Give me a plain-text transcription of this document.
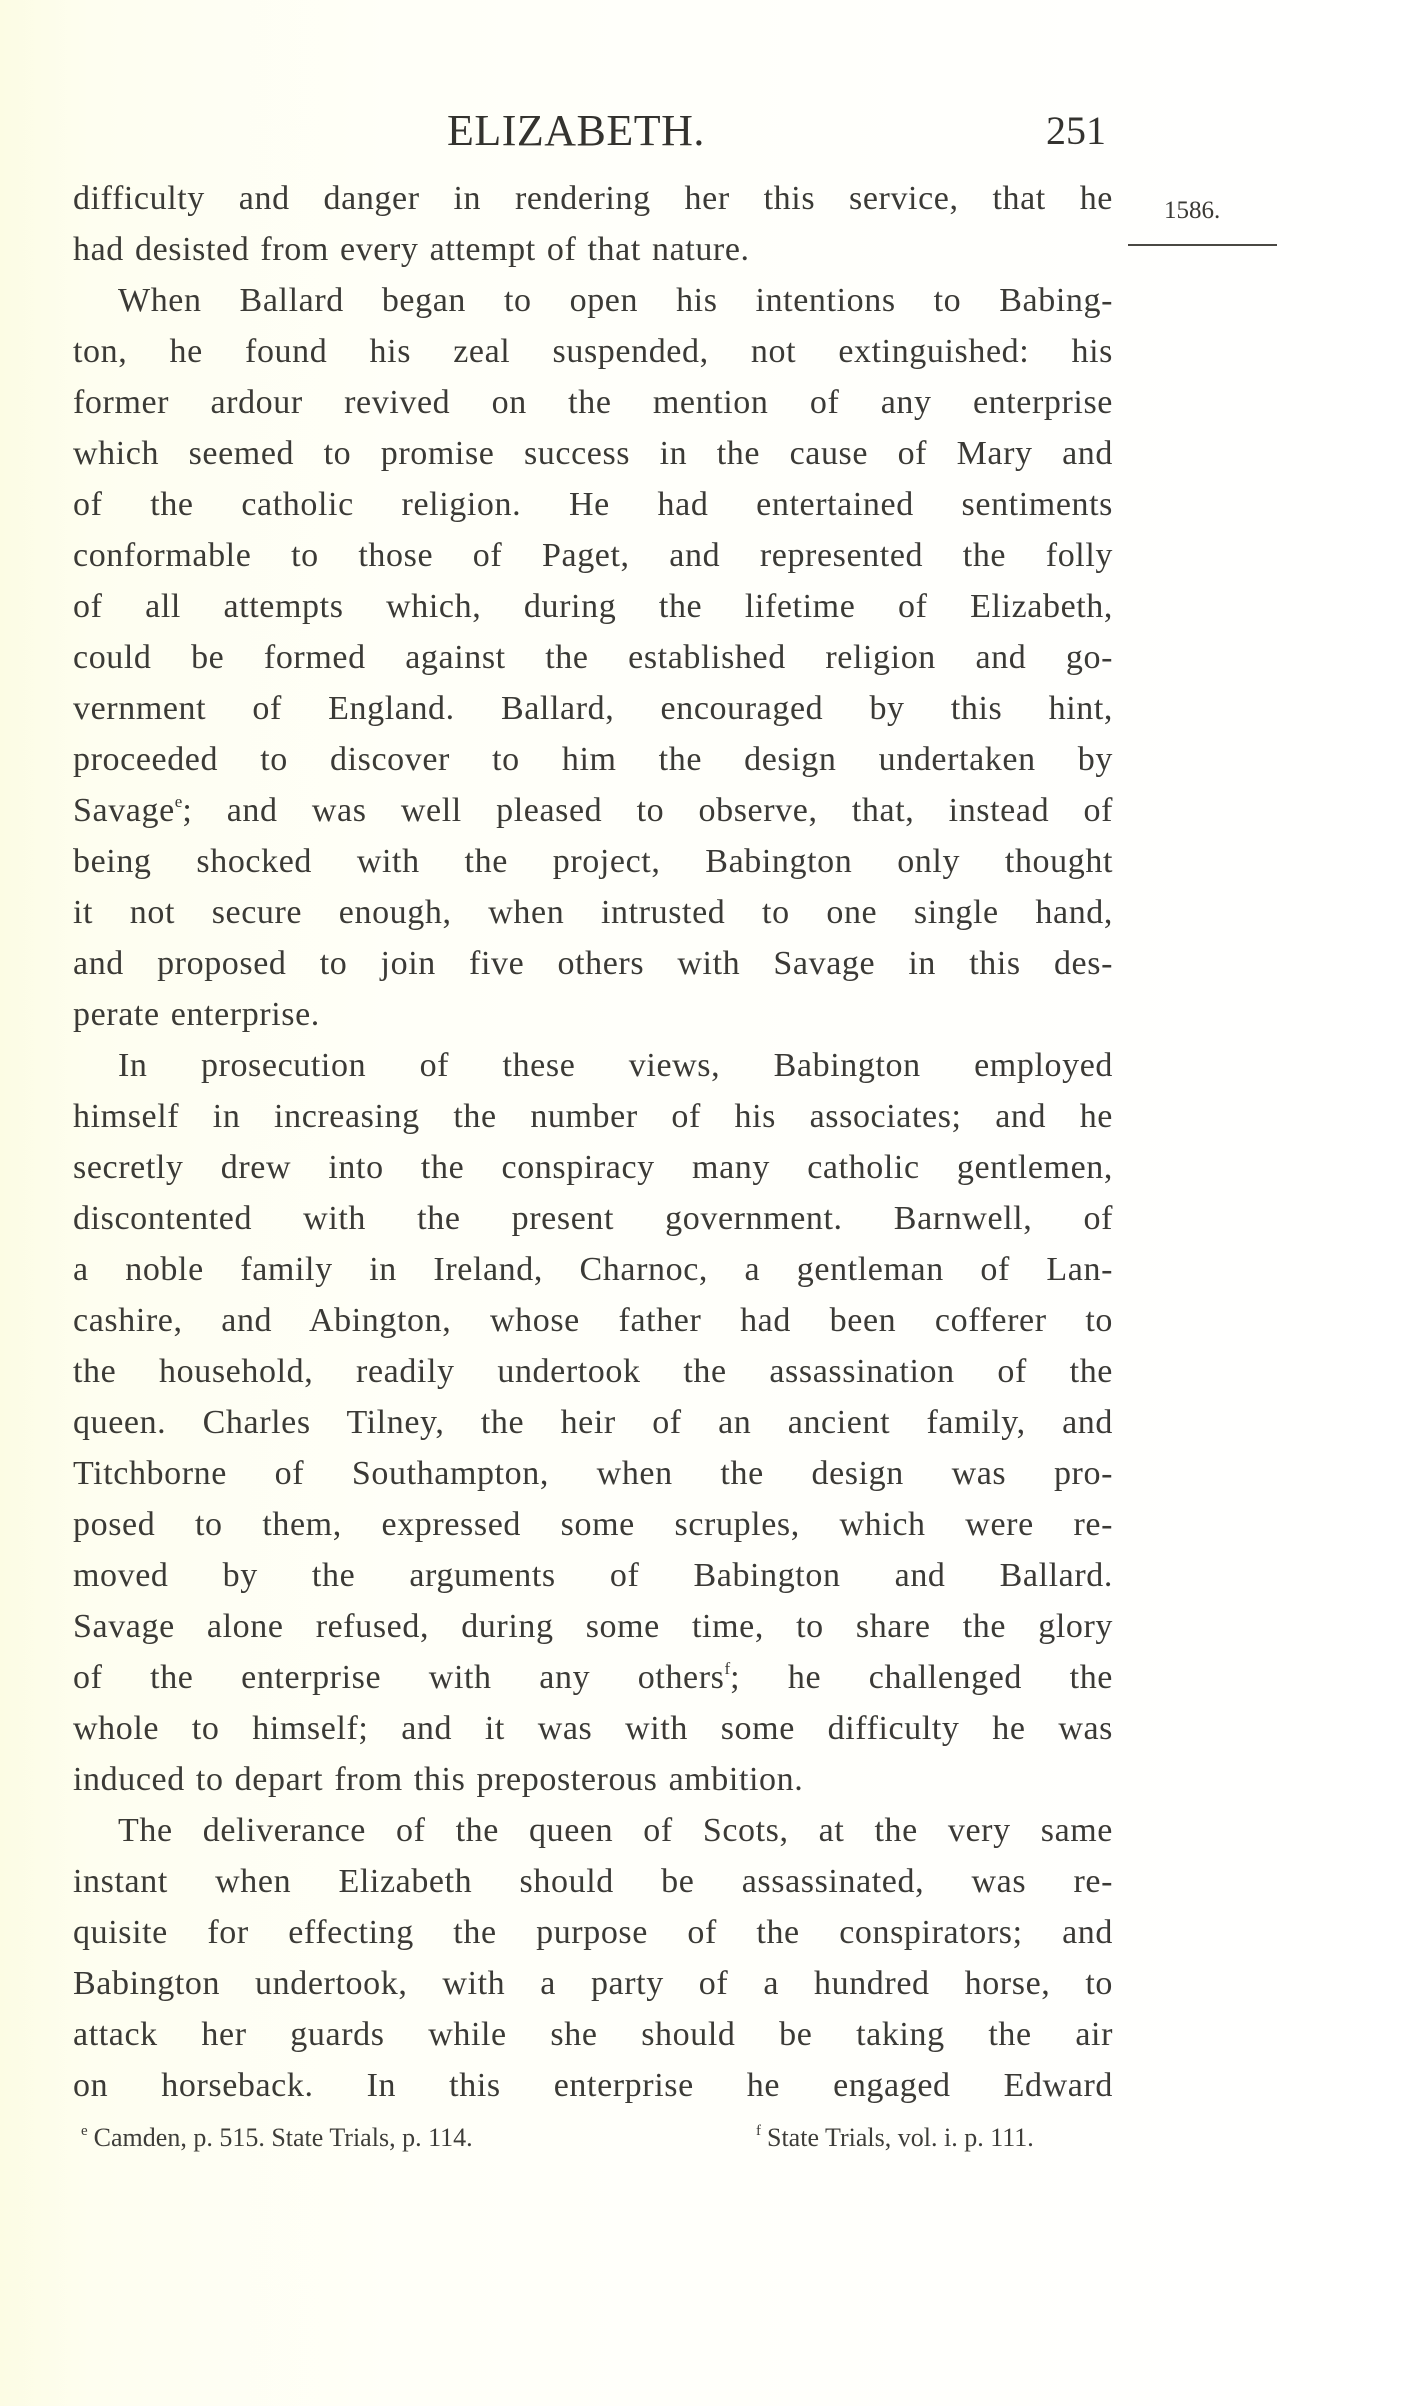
ELIZABETH.	251
1586.
difficulty and danger in rendering her this service, that he
had desisted from every attempt of that nature.
When Ballard began to open his intentions to Babing-
ton, he found his zeal suspended, not extinguished: his
former ardour revived on the mention of any enterprise
which seemed to promise success in the cause of Mary and
of the catholic religion. He had entertained sentiments
conformable to those of Paget, and represented the folly
of all attempts which, during the lifetime of Elizabeth,
could be formed against the established religion and go-
vernment of England. Ballard, encouraged by this hint,
proceeded to discover to him the design undertaken by
Savage$^e$; and was well pleased to observe, that, instead of
being shocked with the project, Babington only thought
it not secure enough, when intrusted to one single hand,
and proposed to join five others with Savage in this des-
perate enterprise.
In prosecution of these views, Babington employed
himself in increasing the number of his associates; and he
secretly drew into the conspiracy many catholic gentlemen,
discontented with the present government. Barnwell, of
a noble family in Ireland, Charnoc, a gentleman of Lan-
cashire, and Abington, whose father had been cofferer to
the household, readily undertook the assassination of the
queen. Charles Tilney, the heir of an ancient family, and
Titchborne of Southampton, when the design was pro-
posed to them, expressed some scruples, which were re-
moved by the arguments of Babington and Ballard.
Savage alone refused, during some time, to share the glory
of the enterprise with any others$^f$; he challenged the
whole to himself; and it was with some difficulty he was
induced to depart from this preposterous ambition.
The deliverance of the queen of Scots, at the very same
instant when Elizabeth should be assassinated, was re-
quisite for effecting the purpose of the conspirators; and
Babington undertook, with a party of a hundred horse, to
attack her guards while she should be taking the air
on horseback. In this enterprise he engaged Edward
$^e$ Camden, p. 515. State Trials, p. 114.	$^f$ State Trials, vol. i. p. 111.
